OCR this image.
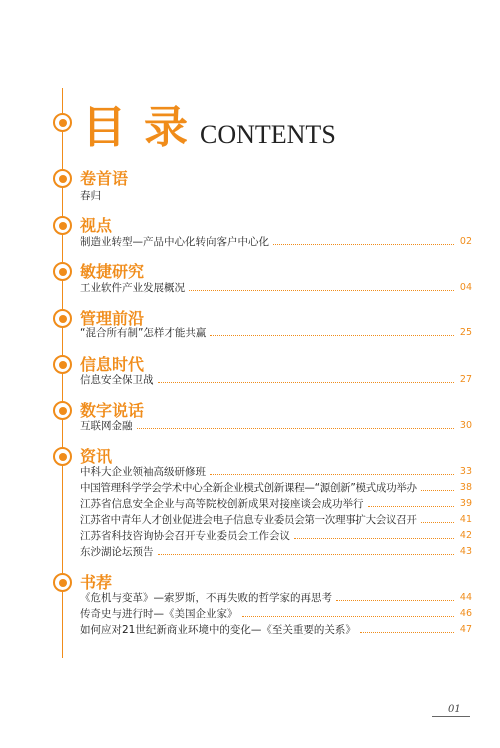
目录
CONTENTS
卷首语
春归
视点
制造业转型—产品中心化转向客户中心化	02
敏捷研究
工业软件产业发展概况	04
管理前沿
“混合所有制”怎样才能共赢	25
信息时代
信息安全保卫战	27
数字说话
互联网金融	30
资讯
中科大企业领袖高级研修班	33
中国管理科学学会学术中心全新企业模式创新课程—“源创新”模式成功举办	38
江苏省信息安全企业与高等院校创新成果对接座谈会成功举行	39
江苏省中青年人才创业促进会电子信息专业委员会第一次理事扩大会议召开	41
江苏省科技咨询协会召开专业委员会工作会议	42
东沙湖论坛预告	43
书荐
《危机与变革》—索罗斯，不再失败的哲学家的再思考	44
传奇史与进行时—《美国企业家》	46
如何应对21世纪新商业环境中的变化—《至关重要的关系》	47
01
